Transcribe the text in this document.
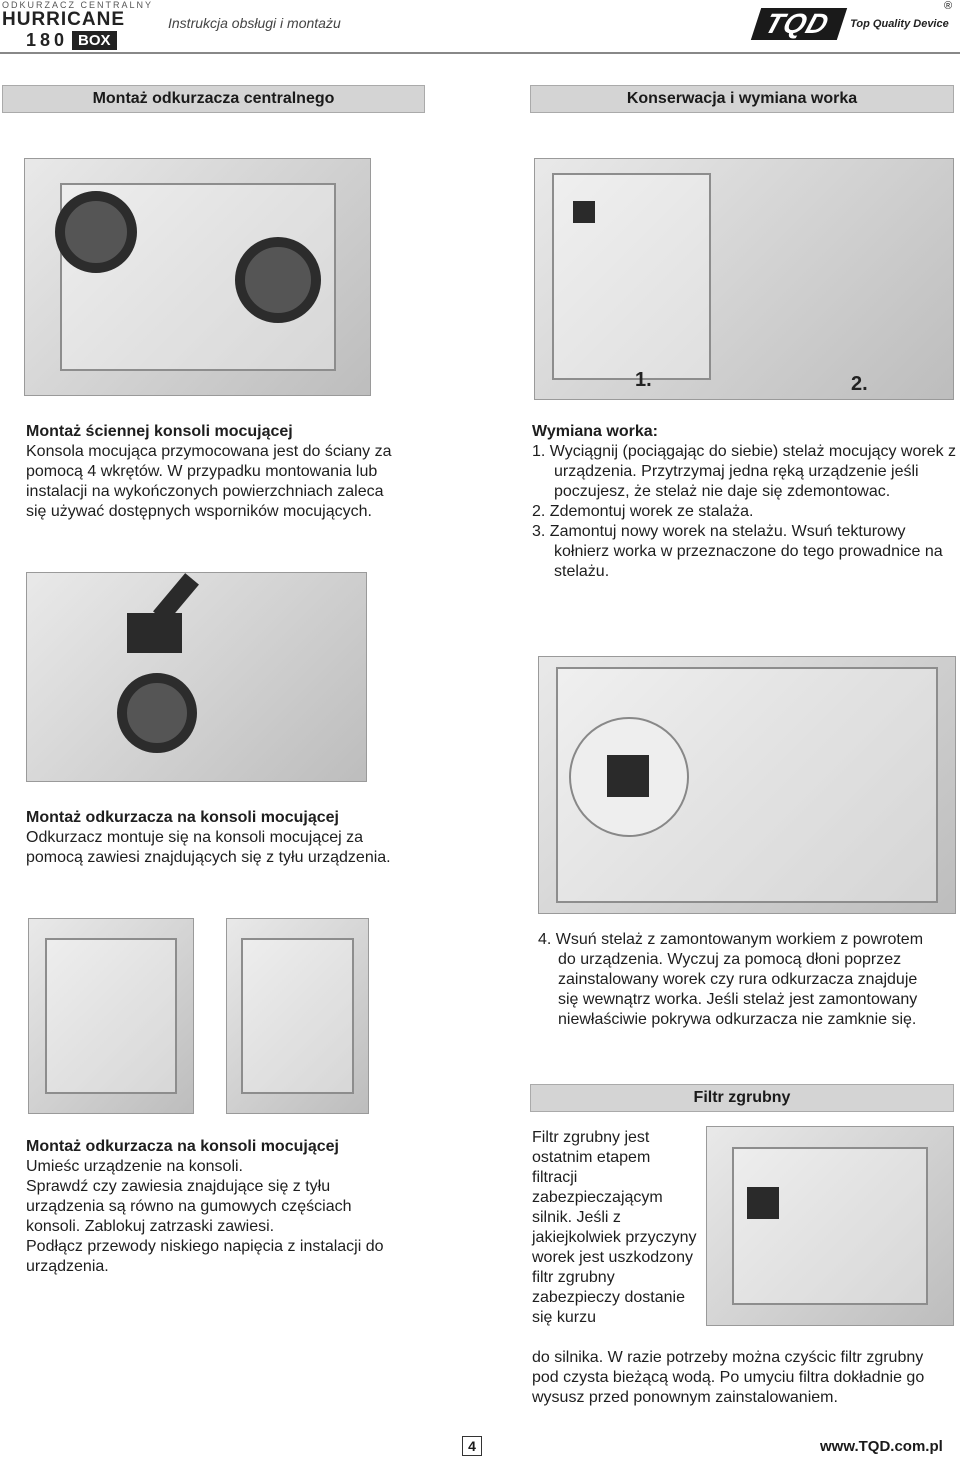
ODKURZACZ CENTRALNY
HURRICANE
180 BOX
Instrukcja obsługi i montażu	TQD	Top Quality Device
®
Montaż odkurzacza centralnego	Konserwacja i wymiana worka
1.	2.
Filtr zgrubny
Montaż ściennej konsoli mocującej
Konsola mocująca przymocowana jest do ściany za pomocą 4 wkrętów. W przypadku montowania lub instalacji na wykończonych powierzchniach zaleca się używać dostępnych wsporników mocujących.
Montaż odkurzacza na konsoli mocującej
Odkurzacz montuje się na konsoli mocującej za pomocą zawiesi znajdujących się z tyłu urządzenia.
Montaż odkurzacza na konsoli mocującej
Umieśc urządzenie na konsoli.
Sprawdź czy zawiesia znajdujące się z tyłu urządzenia są równo na gumowych częściach konsoli. Zablokuj zatrzaski zawiesi.
Podłącz przewody niskiego napięcia z instalacji do urządzenia.
Wymiana worka:
1. Wyciągnij (pociągając do siebie) stelaż mocujący worek z urządzenia. Przytrzymaj jedna ręką urządzenie jeśli poczujesz, że stelaż nie daje się zdemontowac.
2. Zdemontuj worek ze stalaża.
3. Zamontuj nowy worek na stelażu. Wsuń tekturowy kołnierz worka w przeznaczone do tego prowadnice na stelażu.
4. Wsuń stelaż z zamontowanym workiem z powrotem do urządzenia. Wyczuj za pomocą dłoni poprzez zainstalowany worek czy rura odkurzacza znajduje się wewnątrz worka. Jeśli stelaż jest zamontowany niewłaściwie pokrywa odkurzacza nie zamknie się.
Filtr zgrubny jest ostatnim etapem filtracji zabezpieczającym silnik. Jeśli z jakiejkolwiek przyczyny worek jest uszkodzony filtr zgrubny zabezpieczy dostanie się kurzu
do silnika. W razie potrzeby można czyścic filtr zgrubny pod czysta bieżącą wodą. Po umyciu filtra dokładnie go wysusz przed ponownym zainstalowaniem.
4	www.TQD.com.pl
